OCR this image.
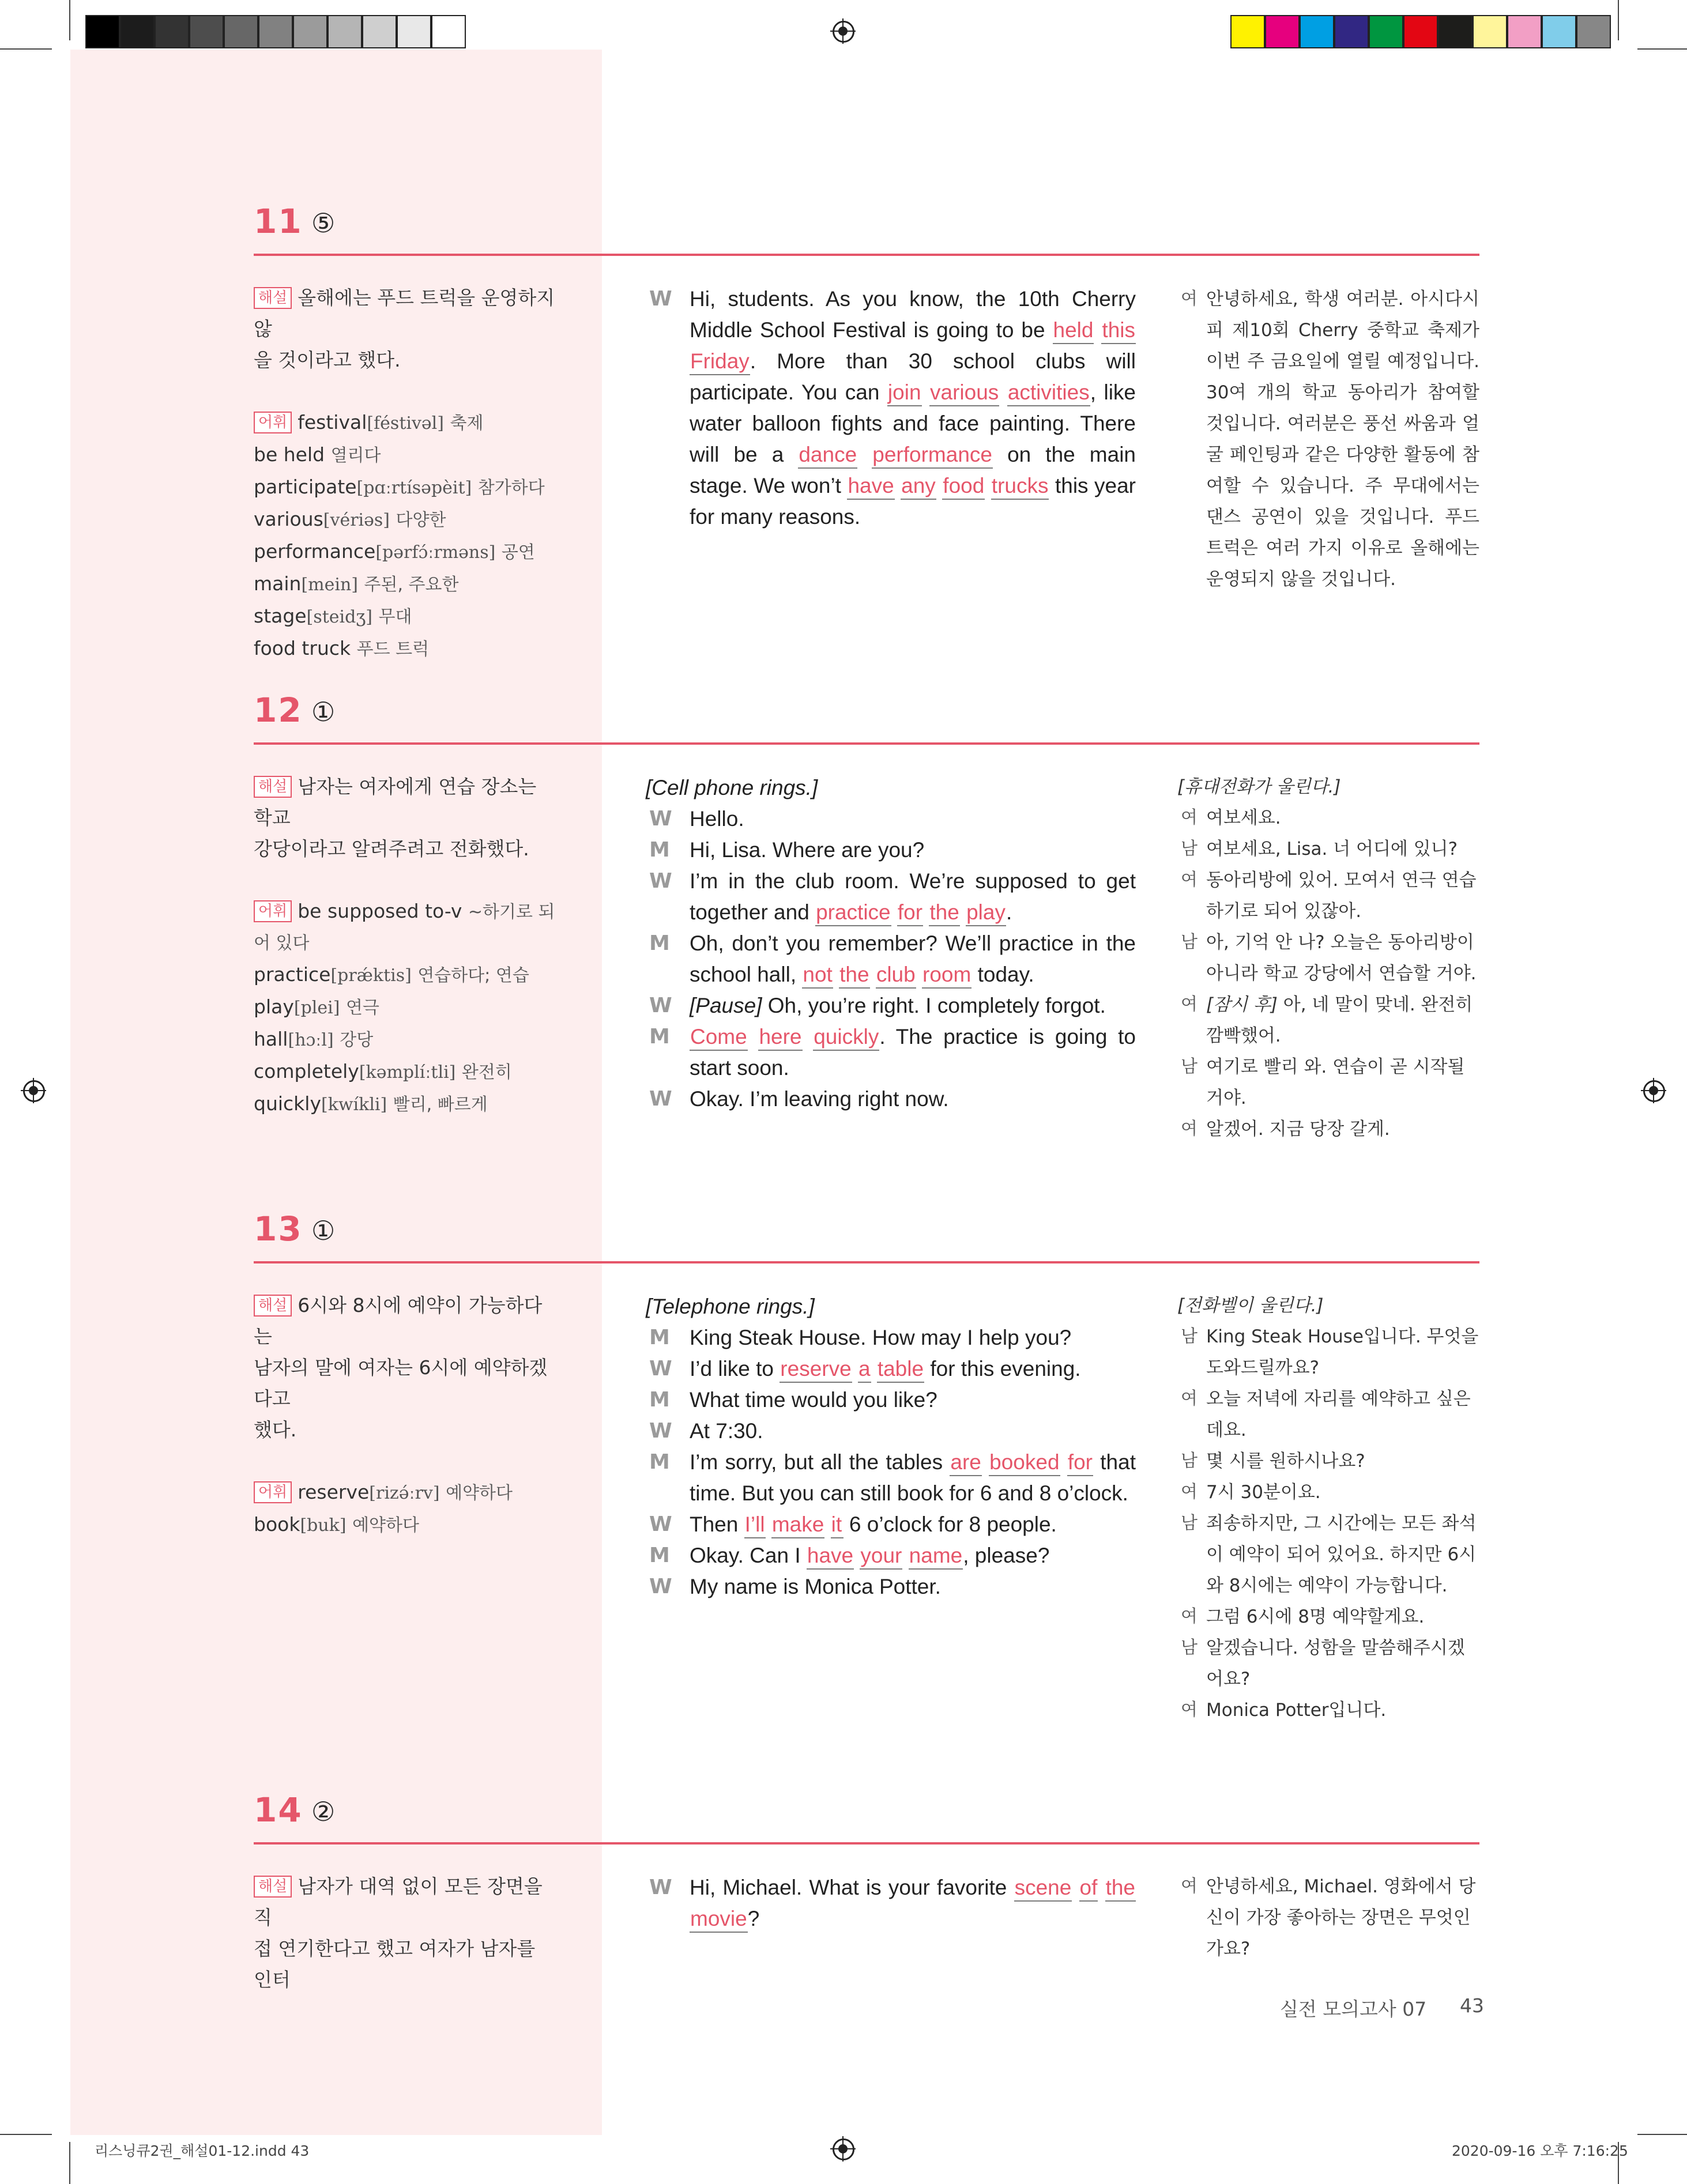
11 ⑤
해설 올해에는 푸드 트럭을 운영하지 않
을 것이라고 했다.
어휘 festival[féstivəl] 축제
be held 열리다
participate[pɑːrtísəpèit] 참가하다
various[vériəs] 다양한
performance[pərfɔ́ːrməns] 공연
main[mein] 주된, 주요한
stage[steidʒ] 무대
food truck 푸드 트럭
W Hi, students. As you know, the 10th Cherry Middle School Festival is going to be held this Friday. More than 30 school clubs will participate. You can join various activities, like water balloon fights and face painting. There will be a dance performance on the main stage. We won’t have any food trucks this year for many reasons.
여 안녕하세요, 학생 여러분. 아시다시피 제10회 Cherry 중학교 축제가 이번 주 금요일에 열릴 예정입니다. 30여 개의 학교 동아리가 참여할 것입니다. 여러분은 풍선 싸움과 얼굴 페인팅과 같은 다양한 활동에 참여할 수 있습니다. 주 무대에서는 댄스 공연이 있을 것입니다. 푸드 트럭은 여러 가지 이유로 올해에는 운영되지 않을 것입니다.
12 ①
해설 남자는 여자에게 연습 장소는 학교
강당이라고 알려주려고 전화했다.
어휘 be supposed to-v ~하기로 되
어 있다
practice[prǽktis] 연습하다; 연습
play[plei] 연극
hall[hɔːl] 강당
completely[kəmplíːtli] 완전히
quickly[kwíkli] 빨리, 빠르게
[Cell phone rings.]
W Hello.
M Hi, Lisa. Where are you?
W I’m in the club room. We’re supposed to get together and practice for the play.
M Oh, don’t you remember? We’ll practice in the school hall, not the club room today.
W [Pause] Oh, you’re right. I completely forgot.
M Come here quickly. The practice is going to start soon.
W Okay. I’m leaving right now.
[휴대전화가 울린다.]
여 여보세요.
남 여보세요, Lisa. 너 어디에 있니?
여 동아리방에 있어. 모여서 연극 연습하기로 되어 있잖아.
남 아, 기억 안 나? 오늘은 동아리방이 아니라 학교 강당에서 연습할 거야.
여 [잠시 후] 아, 네 말이 맞네. 완전히 깜빡했어.
남 여기로 빨리 와. 연습이 곧 시작될 거야.
여 알겠어. 지금 당장 갈게.
13 ①
해설 6시와 8시에 예약이 가능하다는
남자의 말에 여자는 6시에 예약하겠다고
했다.
어휘 reserve[rizə́ːrv] 예약하다
book[buk] 예약하다
[Telephone rings.]
M King Steak House. How may I help you?
W I’d like to reserve a table for this evening.
M What time would you like?
W At 7:30.
M I’m sorry, but all the tables are booked for that time. But you can still book for 6 and 8 o’clock.
W Then I’ll make it 6 o’clock for 8 people.
M Okay. Can I have your name, please?
W My name is Monica Potter.
[전화벨이 울린다.]
남 King Steak House입니다. 무엇을 도와드릴까요?
여 오늘 저녁에 자리를 예약하고 싶은데요.
남 몇 시를 원하시나요?
여 7시 30분이요.
남 죄송하지만, 그 시간에는 모든 좌석이 예약이 되어 있어요. 하지만 6시와 8시에는 예약이 가능합니다.
여 그럼 6시에 8명 예약할게요.
남 알겠습니다. 성함을 말씀해주시겠어요?
여 Monica Potter입니다.
14 ②
해설 남자가 대역 없이 모든 장면을 직
접 연기한다고 했고 여자가 남자를 인터
W Hi, Michael. What is your favorite scene of the movie?
여 안녕하세요, Michael. 영화에서 당신이 가장 좋아하는 장면은 무엇인가요?
실전 모의고사 07 43
리스닝큐2권_해설01-12.indd 43	2020-09-16 오후 7:16:25
